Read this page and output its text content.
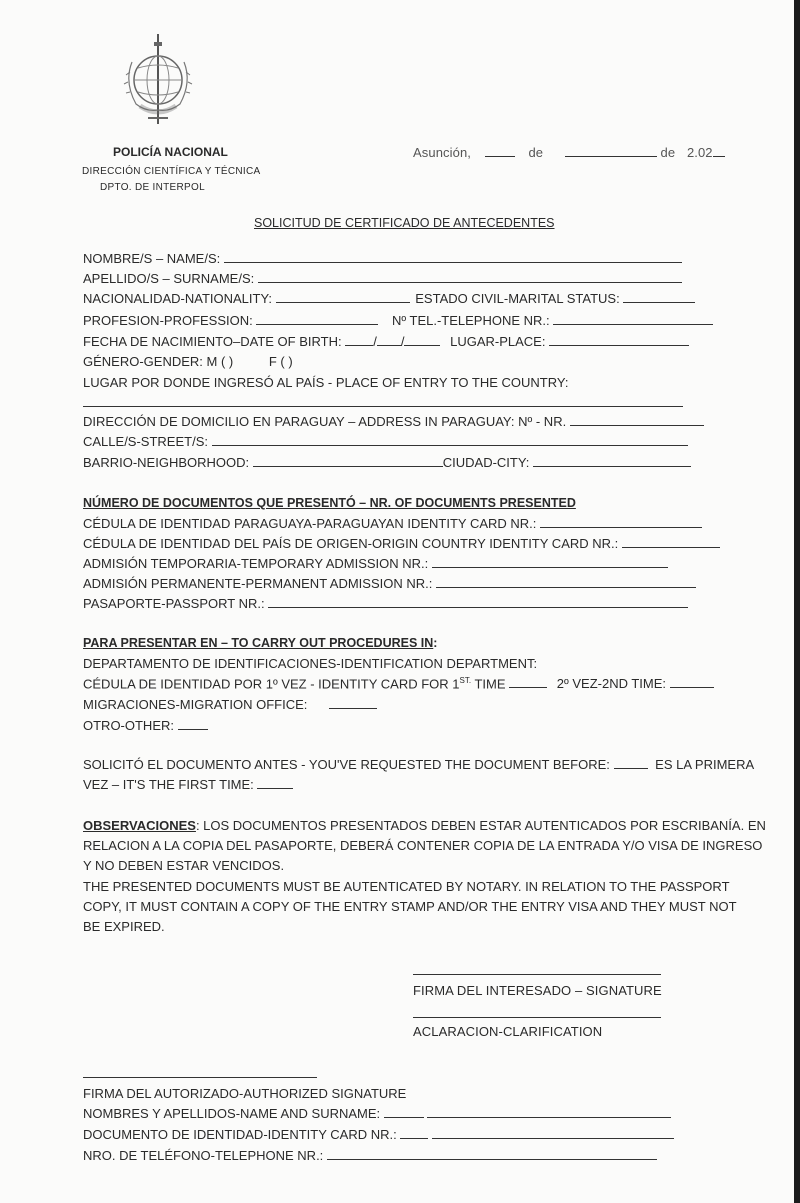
POLICÍA NACIONAL
DIRECCIÓN CIENTÍFICA Y TÉCNICA
DPTO. DE INTERPOL
Asunción,	de	de 2.02
SOLICITUD DE CERTIFICADO DE ANTECEDENTES
NOMBRE/S – NAME/S:
APELLIDO/S – SURNAME/S:
NACIONALIDAD-NATIONALITY:	ESTADO CIVIL-MARITAL STATUS:
PROFESION-PROFESSION:	Nº TEL.-TELEPHONE NR.:
FECHA DE NACIMIENTO–DATE OF BIRTH: / /	LUGAR-PLACE:
GÉNERO-GENDER: M ( )	F ( )
LUGAR POR DONDE INGRESÓ AL PAÍS - PLACE OF ENTRY TO THE COUNTRY:
DIRECCIÓN DE DOMICILIO EN PARAGUAY – ADDRESS IN PARAGUAY: Nº - NR.
CALLE/S-STREET/S:
BARRIO-NEIGHBORHOOD:	CIUDAD-CITY:
NÚMERO DE DOCUMENTOS QUE PRESENTÓ – NR. OF DOCUMENTS PRESENTED
CÉDULA DE IDENTIDAD PARAGUAYA-PARAGUAYAN IDENTITY CARD NR.:
CÉDULA DE IDENTIDAD DEL PAÍS DE ORIGEN-ORIGIN COUNTRY IDENTITY CARD NR.:
ADMISIÓN TEMPORARIA-TEMPORARY ADMISSION NR.:
ADMISIÓN PERMANENTE-PERMANENT ADMISSION NR.:
PASAPORTE-PASSPORT NR.:
PARA PRESENTAR EN – TO CARRY OUT PROCEDURES IN:
DEPARTAMENTO DE IDENTIFICACIONES-IDENTIFICATION DEPARTMENT:
CÉDULA DE IDENTIDAD POR 1º VEZ - IDENTITY CARD FOR $1^{ST.}$ TIME	2º VEZ-2ND TIME:
MIGRACIONES-MIGRATION OFFICE:
OTRO-OTHER:
SOLICITÓ EL DOCUMENTO ANTES - YOU'VE REQUESTED THE DOCUMENT BEFORE:	ES LA PRIMERA
VEZ – IT'S THE FIRST TIME:
OBSERVACIONES: LOS DOCUMENTOS PRESENTADOS DEBEN ESTAR AUTENTICADOS POR ESCRIBANÍA. EN
RELACION A LA COPIA DEL PASAPORTE, DEBERÁ CONTENER COPIA DE LA ENTRADA Y/O VISA DE INGRESO
Y NO DEBEN ESTAR VENCIDOS.
THE PRESENTED DOCUMENTS MUST BE AUTENTICATED BY NOTARY. IN RELATION TO THE PASSPORT
COPY, IT MUST CONTAIN A COPY OF THE ENTRY STAMP AND/OR THE ENTRY VISA AND THEY MUST NOT
BE EXPIRED.
FIRMA DEL INTERESADO – SIGNATURE
ACLARACION-CLARIFICATION
FIRMA DEL AUTORIZADO-AUTHORIZED SIGNATURE
NOMBRES Y APELLIDOS-NAME AND SURNAME:
DOCUMENTO DE IDENTIDAD-IDENTITY CARD NR.:
NRO. DE TELÉFONO-TELEPHONE NR.:
